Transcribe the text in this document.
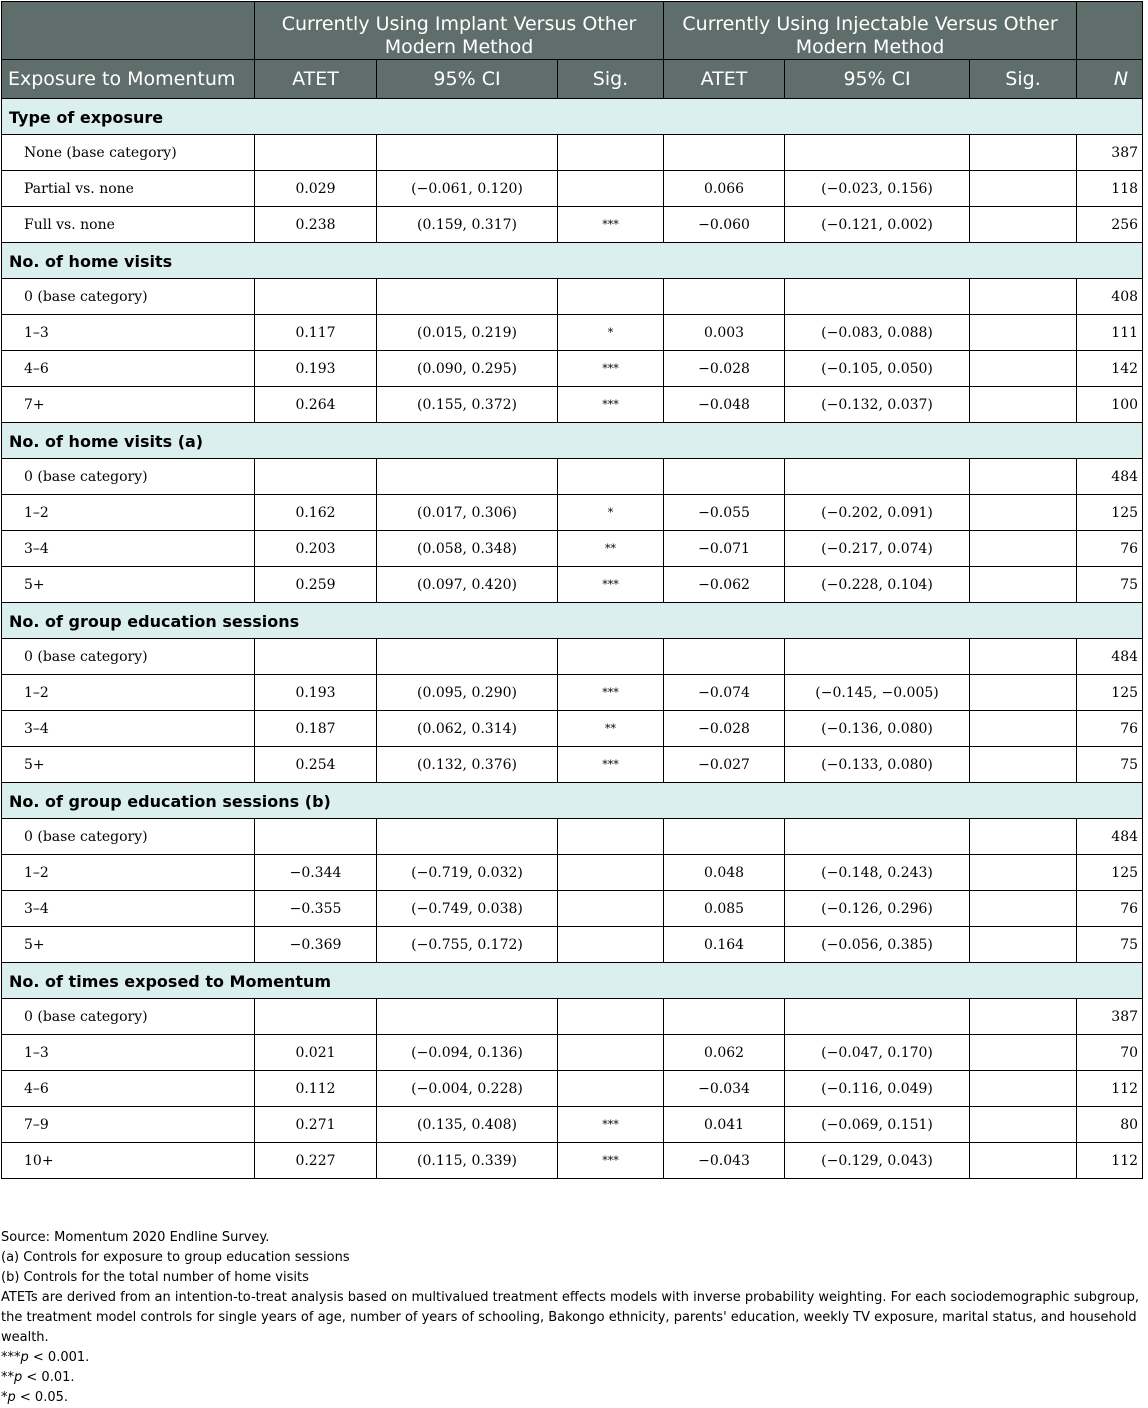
	Currently Using Implant Versus Other Modern Method			Currently Using Injectable Versus Other Modern Method			
Exposure to Momentum	ATET	95% CI	Sig.	ATET	95% CI	Sig.	N
Type of exposure							
None (base category)							387
Partial vs. none	0.029	(−0.061, 0.120)		0.066	(−0.023, 0.156)		118
Full vs. none	0.238	(0.159, 0.317)	***	−0.060	(−0.121, 0.002)		256
No. of home visits							
0 (base category)							408
1–3	0.117	(0.015, 0.219)	*	0.003	(−0.083, 0.088)		111
4–6	0.193	(0.090, 0.295)	***	−0.028	(−0.105, 0.050)		142
7+	0.264	(0.155, 0.372)	***	−0.048	(−0.132, 0.037)		100
No. of home visits (a)							
0 (base category)							484
1–2	0.162	(0.017, 0.306)	*	−0.055	(−0.202, 0.091)		125
3–4	0.203	(0.058, 0.348)	**	−0.071	(−0.217, 0.074)		76
5+	0.259	(0.097, 0.420)	***	−0.062	(−0.228, 0.104)		75
No. of group education sessions							
0 (base category)							484
1–2	0.193	(0.095, 0.290)	***	−0.074	(−0.145, −0.005)		125
3–4	0.187	(0.062, 0.314)	**	−0.028	(−0.136, 0.080)		76
5+	0.254	(0.132, 0.376)	***	−0.027	(−0.133, 0.080)		75
No. of group education sessions (b)							
0 (base category)							484
1–2	−0.344	(−0.719, 0.032)		0.048	(−0.148, 0.243)		125
3–4	−0.355	(−0.749, 0.038)		0.085	(−0.126, 0.296)		76
5+	−0.369	(−0.755, 0.172)		0.164	(−0.056, 0.385)		75
No. of times exposed to Momentum							
0 (base category)							387
1–3	0.021	(−0.094, 0.136)		0.062	(−0.047, 0.170)		70
4–6	0.112	(−0.004, 0.228)		−0.034	(−0.116, 0.049)		112
7–9	0.271	(0.135, 0.408)	***	0.041	(−0.069, 0.151)		80
10+	0.227	(0.115, 0.339)	***	−0.043	(−0.129, 0.043)		112
Source: Momentum 2020 Endline Survey.
(a) Controls for exposure to group education sessions
(b) Controls for the total number of home visits
ATETs are derived from an intention-to-treat analysis based on multivalued treatment effects models with inverse probability weighting. For each sociodemographic subgroup, the treatment model controls for single years of age, number of years of schooling, Bakongo ethnicity, parents' education, weekly TV exposure, marital status, and household wealth.
***p < 0.001.
**p < 0.01.
*p < 0.05.
